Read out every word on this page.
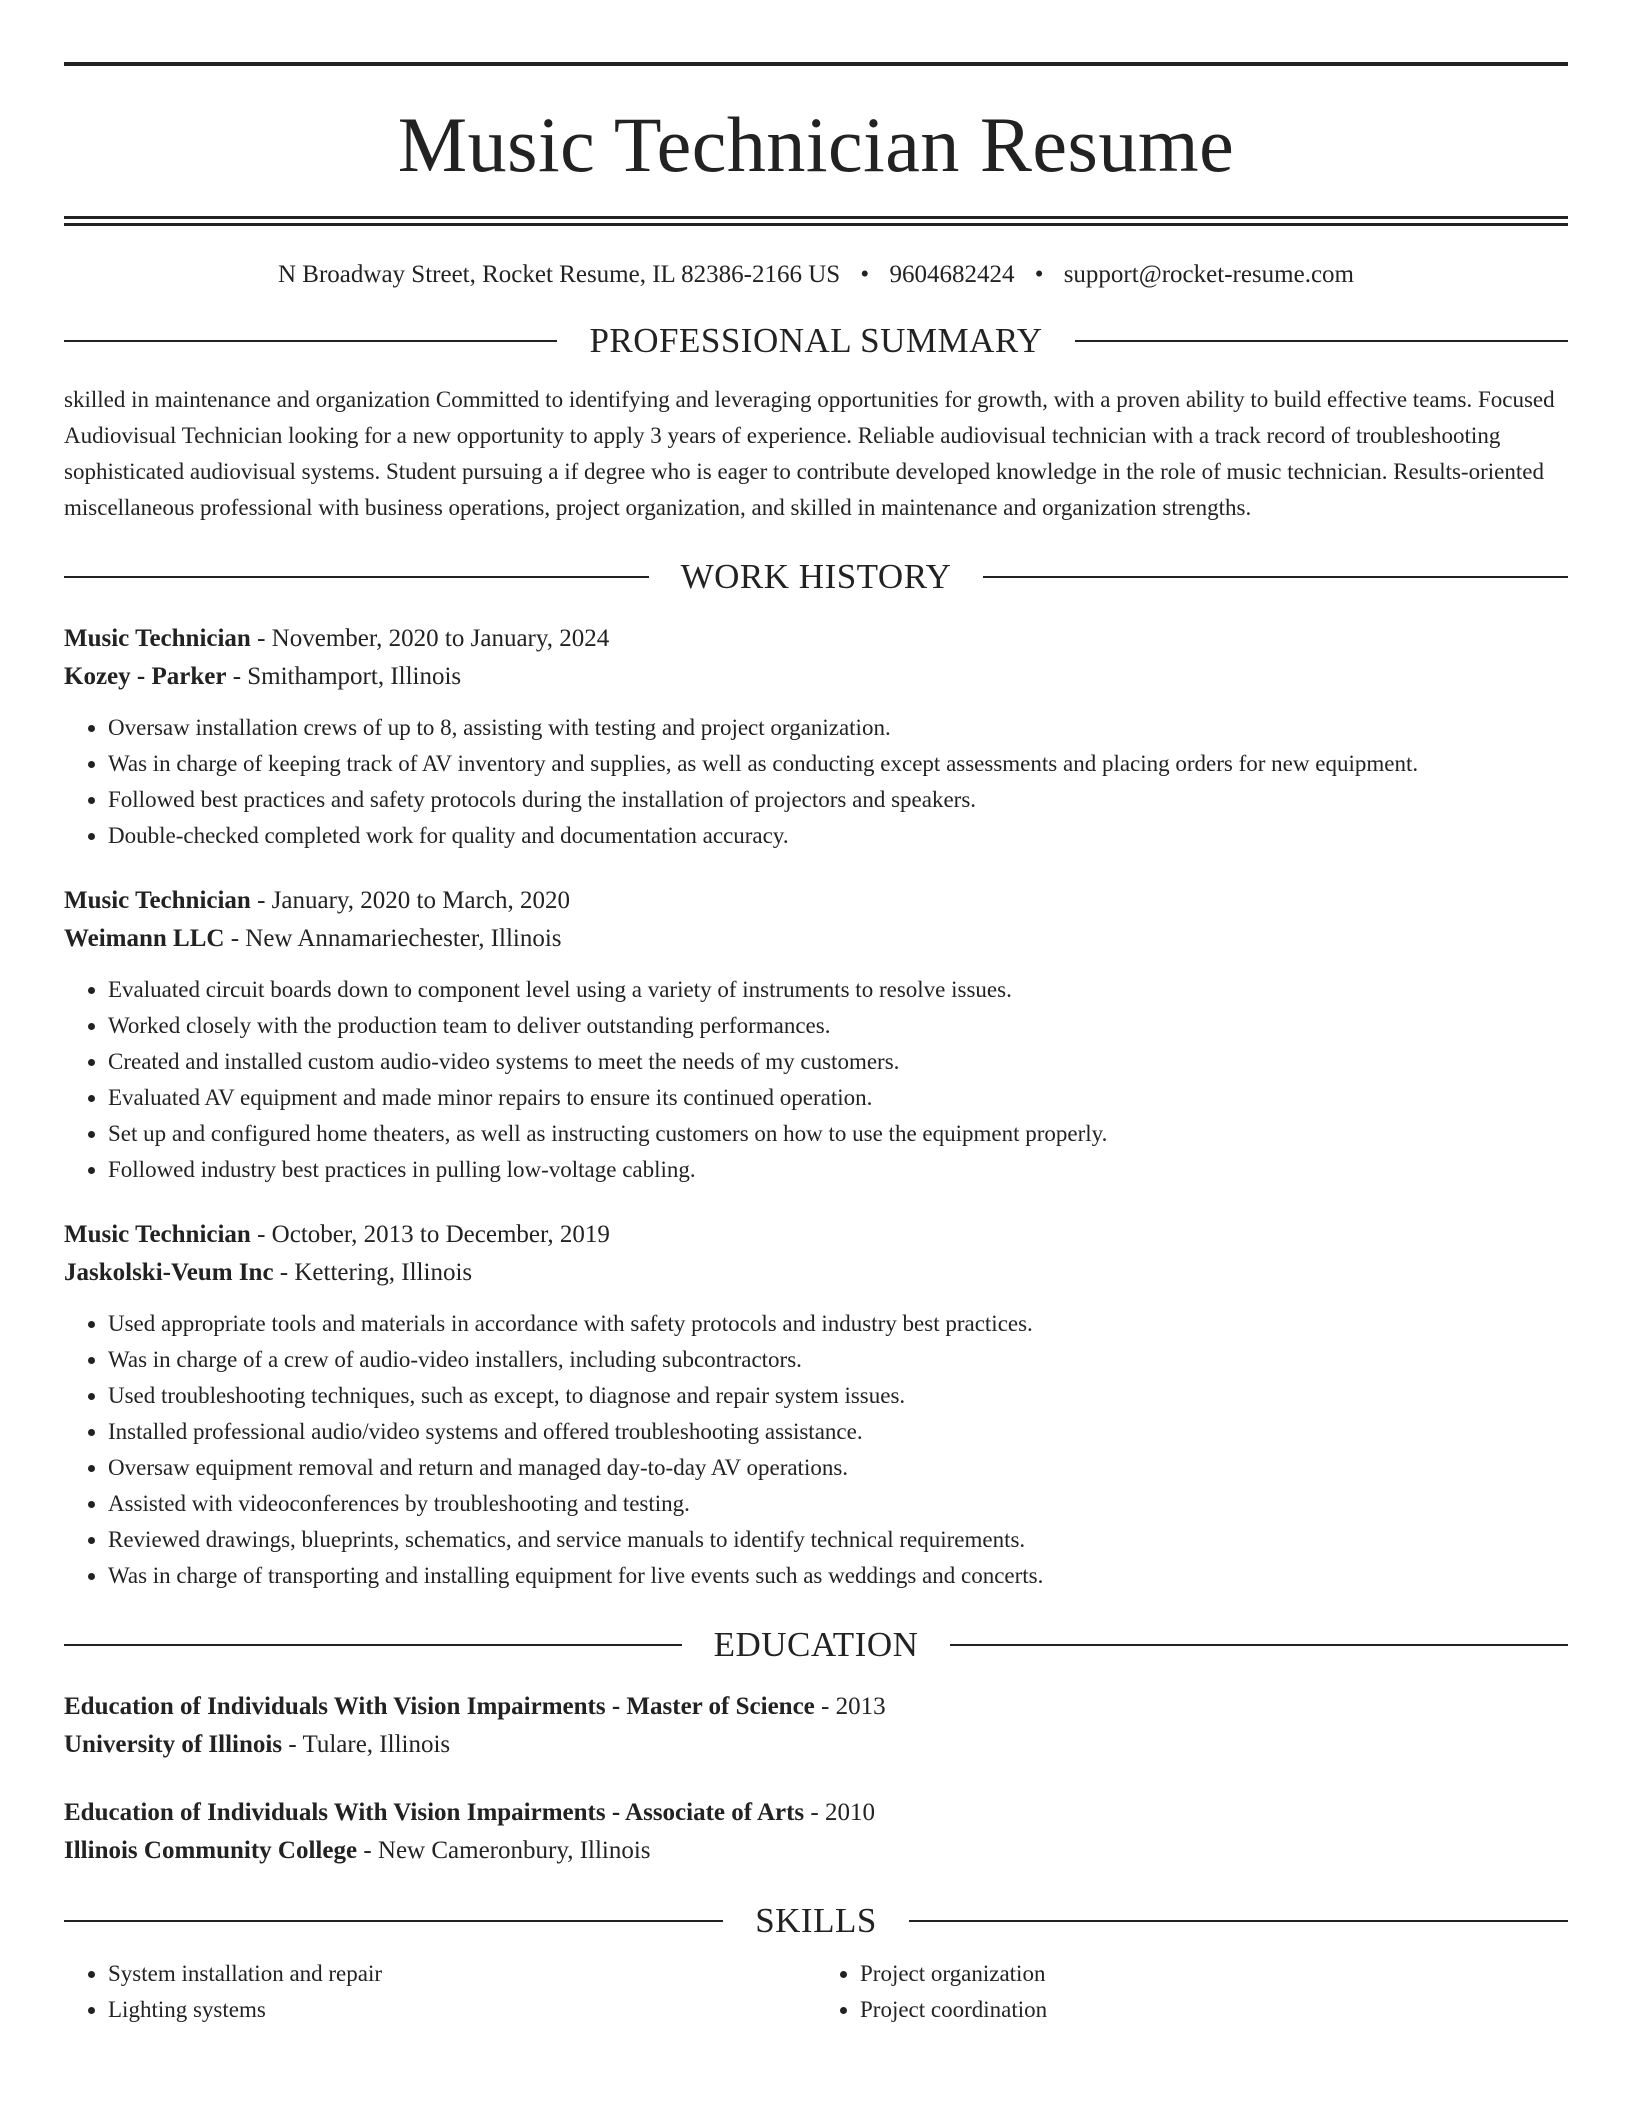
Music Technician Resume
N Broadway Street, Rocket Resume, IL 82386-2166 US • 9604682424 • support@rocket-resume.com
PROFESSIONAL SUMMARY
skilled in maintenance and organization Committed to identifying and leveraging opportunities for growth, with a proven ability to build effective teams. Focused Audiovisual Technician looking for a new opportunity to apply 3 years of experience. Reliable audiovisual technician with a track record of troubleshooting sophisticated audiovisual systems. Student pursuing a if degree who is eager to contribute developed knowledge in the role of music technician. Results-oriented miscellaneous professional with business operations, project organization, and skilled in maintenance and organization strengths.
WORK HISTORY
Music Technician - November, 2020 to January, 2024
Kozey - Parker - Smithamport, Illinois
• Oversaw installation crews of up to 8, assisting with testing and project organization.
• Was in charge of keeping track of AV inventory and supplies, as well as conducting except assessments and placing orders for new equipment.
• Followed best practices and safety protocols during the installation of projectors and speakers.
• Double-checked completed work for quality and documentation accuracy.
Music Technician - January, 2020 to March, 2020
Weimann LLC - New Annamariechester, Illinois
• Evaluated circuit boards down to component level using a variety of instruments to resolve issues.
• Worked closely with the production team to deliver outstanding performances.
• Created and installed custom audio-video systems to meet the needs of my customers.
• Evaluated AV equipment and made minor repairs to ensure its continued operation.
• Set up and configured home theaters, as well as instructing customers on how to use the equipment properly.
• Followed industry best practices in pulling low-voltage cabling.
Music Technician - October, 2013 to December, 2019
Jaskolski-Veum Inc - Kettering, Illinois
• Used appropriate tools and materials in accordance with safety protocols and industry best practices.
• Was in charge of a crew of audio-video installers, including subcontractors.
• Used troubleshooting techniques, such as except, to diagnose and repair system issues.
• Installed professional audio/video systems and offered troubleshooting assistance.
• Oversaw equipment removal and return and managed day-to-day AV operations.
• Assisted with videoconferences by troubleshooting and testing.
• Reviewed drawings, blueprints, schematics, and service manuals to identify technical requirements.
• Was in charge of transporting and installing equipment for live events such as weddings and concerts.
EDUCATION
Education of Individuals With Vision Impairments - Master of Science - 2013
University of Illinois - Tulare, Illinois
Education of Individuals With Vision Impairments - Associate of Arts - 2010
Illinois Community College - New Cameronbury, Illinois
SKILLS
• System installation and repair
• Lighting systems
• Project organization
• Project coordination
